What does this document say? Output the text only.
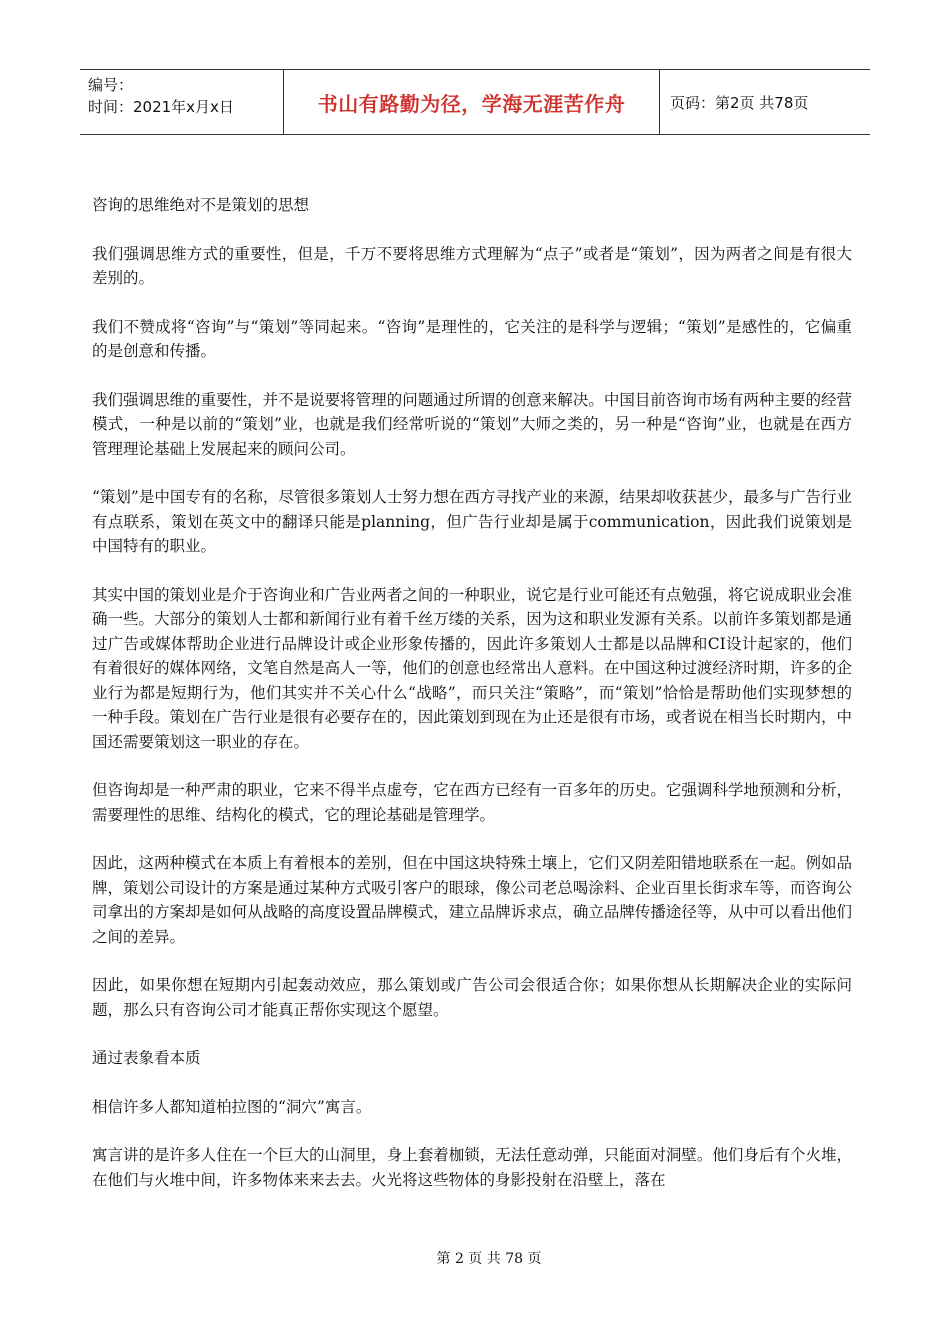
编号：
时间：2021年x月x日	书山有路勤为径，学海无涯苦作舟	页码：第2页 共78页

咨询的思维绝对不是策划的思想

我们强调思维方式的重要性，但是，千万不要将思维方式理解为“点子”或者是“策划”，因为两者之间是有很大差别的。

我们不赞成将“咨询”与“策划”等同起来。“咨询”是理性的，它关注的是科学与逻辑；“策划”是感性的，它偏重的是创意和传播。

我们强调思维的重要性，并不是说要将管理的问题通过所谓的创意来解决。中国目前咨询市场有两种主要的经营模式，一种是以前的“策划”业，也就是我们经常听说的“策划”大师之类的，另一种是“咨询”业，也就是在西方管理理论基础上发展起来的顾问公司。

“策划”是中国专有的名称，尽管很多策划人士努力想在西方寻找产业的来源，结果却收获甚少，最多与广告行业有点联系，策划在英文中的翻译只能是planning，但广告行业却是属于communication，因此我们说策划是中国特有的职业。

其实中国的策划业是介于咨询业和广告业两者之间的一种职业，说它是行业可能还有点勉强，将它说成职业会准确一些。大部分的策划人士都和新闻行业有着千丝万缕的关系，因为这和职业发源有关系。以前许多策划都是通过广告或媒体帮助企业进行品牌设计或企业形象传播的，因此许多策划人士都是以品牌和CI设计起家的，他们有着很好的媒体网络，文笔自然是高人一等，他们的创意也经常出人意料。在中国这种过渡经济时期，许多的企业行为都是短期行为，他们其实并不关心什么“战略”，而只关注“策略”，而“策划”恰恰是帮助他们实现梦想的一种手段。策划在广告行业是很有必要存在的，因此策划到现在为止还是很有市场，或者说在相当长时期内，中国还需要策划这一职业的存在。

但咨询却是一种严肃的职业，它来不得半点虚夸，它在西方已经有一百多年的历史。它强调科学地预测和分析，需要理性的思维、结构化的模式，它的理论基础是管理学。

因此，这两种模式在本质上有着根本的差别，但在中国这块特殊土壤上，它们又阴差阳错地联系在一起。例如品牌，策划公司设计的方案是通过某种方式吸引客户的眼球，像公司老总喝涂料、企业百里长街求车等，而咨询公司拿出的方案却是如何从战略的高度设置品牌模式，建立品牌诉求点，确立品牌传播途径等，从中可以看出他们之间的差异。

因此，如果你想在短期内引起轰动效应，那么策划或广告公司会很适合你；如果你想从长期解决企业的实际问题，那么只有咨询公司才能真正帮你实现这个愿望。

通过表象看本质

相信许多人都知道柏拉图的“洞穴”寓言。

寓言讲的是许多人住在一个巨大的山洞里，身上套着枷锁，无法任意动弹，只能面对洞壁。他们身后有个火堆，在他们与火堆中间，许多物体来来去去。火光将这些物体的身影投射在沿壁上，落在

第 2 页 共 78 页
